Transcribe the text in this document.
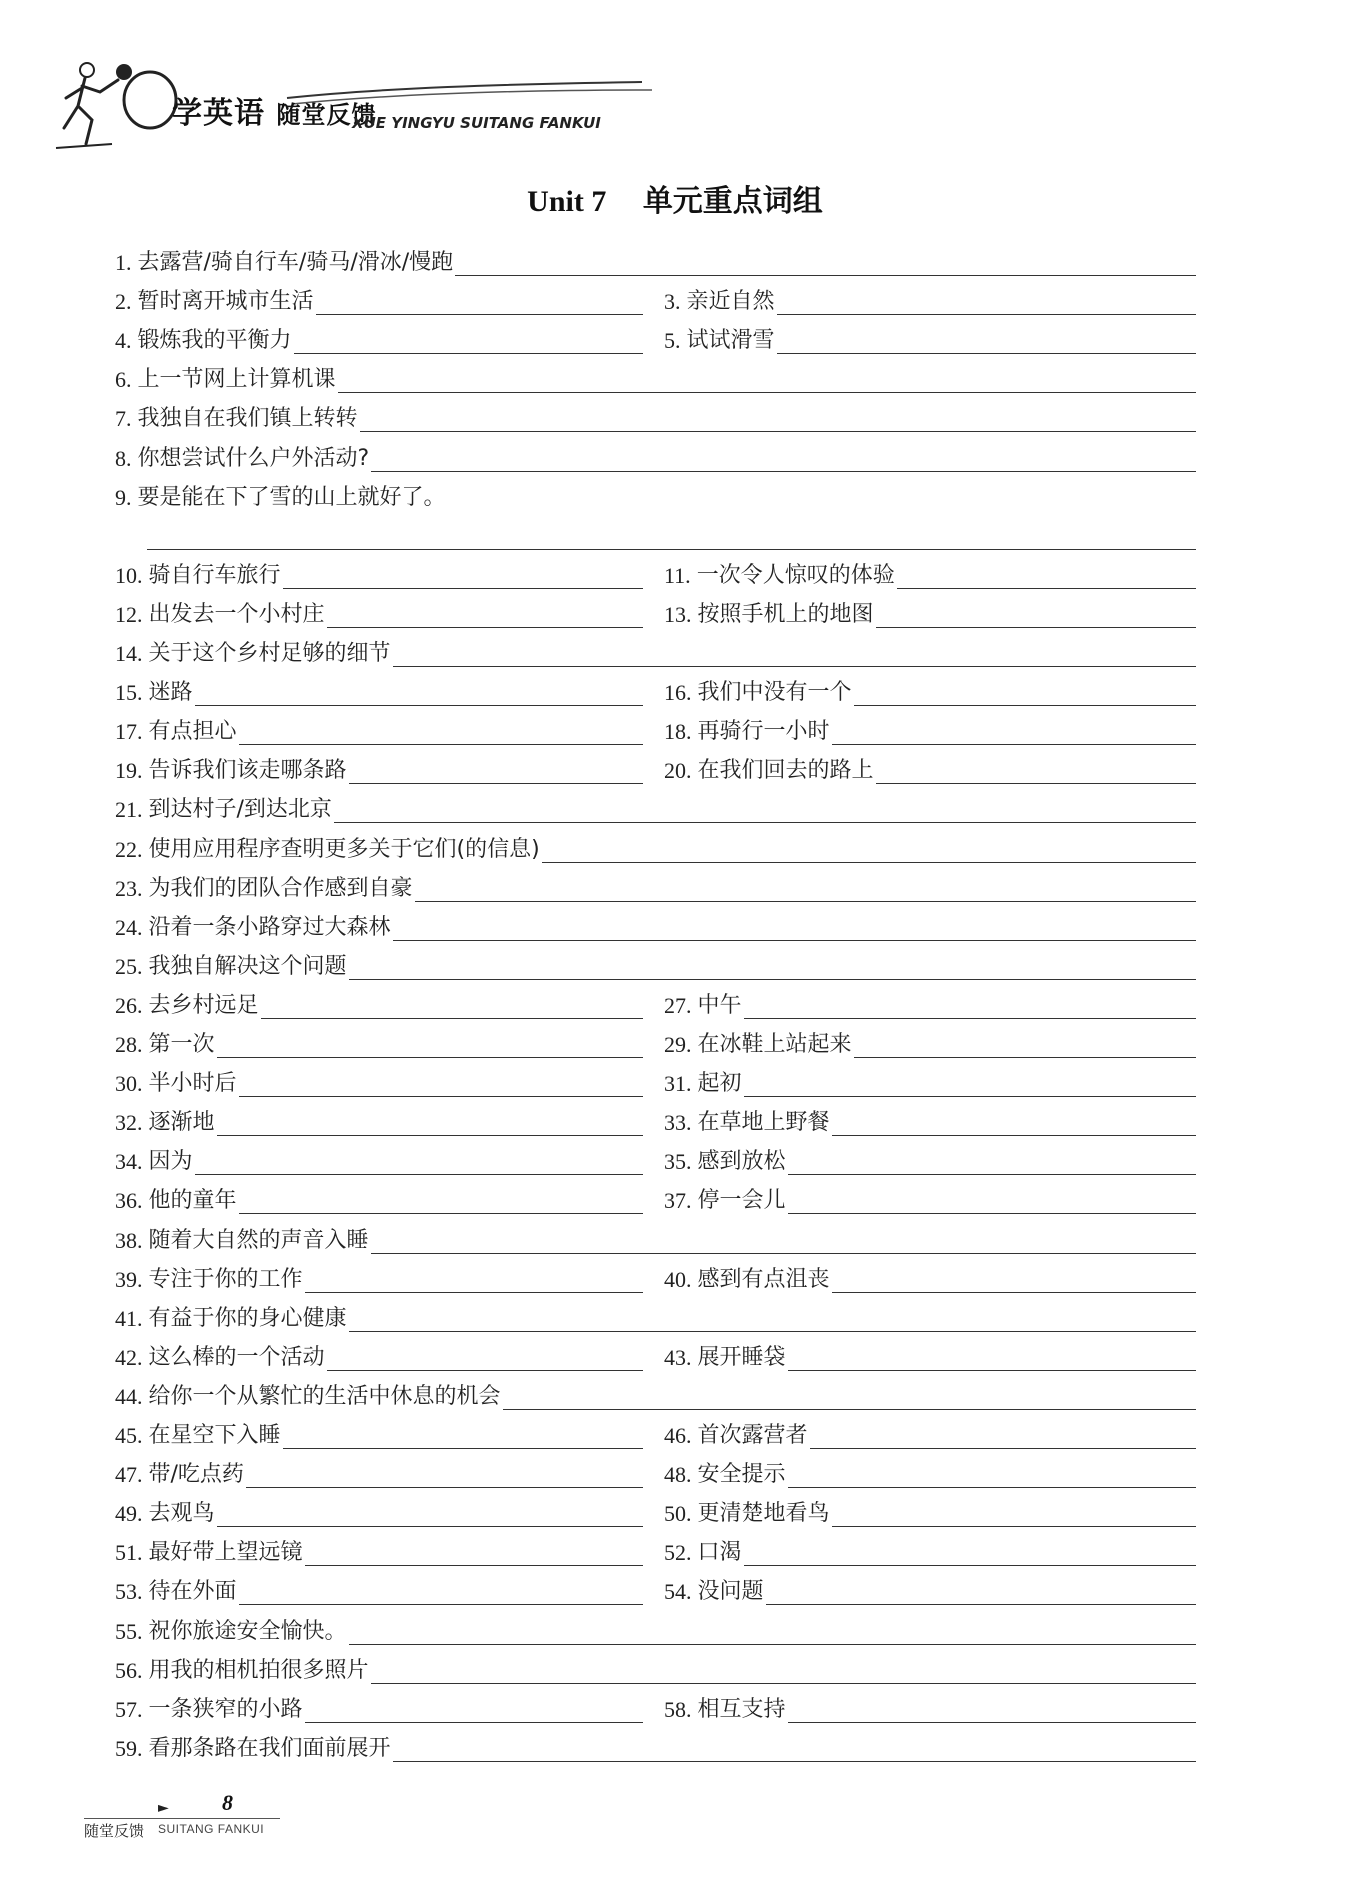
学英语 随堂反馈
XUE YINGYU SUITANG FANKUI
Unit 7 单元重点词组
1. 去露营/骑自行车/骑马/滑冰/慢跑
2. 暂时离开城市生活	3. 亲近自然
4. 锻炼我的平衡力	5. 试试滑雪
6. 上一节网上计算机课
7. 我独自在我们镇上转转
8. 你想尝试什么户外活动?
9. 要是能在下了雪的山上就好了。
10. 骑自行车旅行	11. 一次令人惊叹的体验
12. 出发去一个小村庄	13. 按照手机上的地图
14. 关于这个乡村足够的细节
15. 迷路	16. 我们中没有一个
17. 有点担心	18. 再骑行一小时
19. 告诉我们该走哪条路	20. 在我们回去的路上
21. 到达村子/到达北京
22. 使用应用程序查明更多关于它们(的信息)
23. 为我们的团队合作感到自豪
24. 沿着一条小路穿过大森林
25. 我独自解决这个问题
26. 去乡村远足	27. 中午
28. 第一次	29. 在冰鞋上站起来
30. 半小时后	31. 起初
32. 逐渐地	33. 在草地上野餐
34. 因为	35. 感到放松
36. 他的童年	37. 停一会儿
38. 随着大自然的声音入睡
39. 专注于你的工作	40. 感到有点沮丧
41. 有益于你的身心健康
42. 这么棒的一个活动	43. 展开睡袋
44. 给你一个从繁忙的生活中休息的机会
45. 在星空下入睡	46. 首次露营者
47. 带/吃点药	48. 安全提示
49. 去观鸟	50. 更清楚地看鸟
51. 最好带上望远镜	52. 口渴
53. 待在外面	54. 没问题
55. 祝你旅途安全愉快。
56. 用我的相机拍很多照片
57. 一条狭窄的小路	58. 相互支持
59. 看那条路在我们面前展开
► 8
随堂反馈 SUITANG FANKUI
